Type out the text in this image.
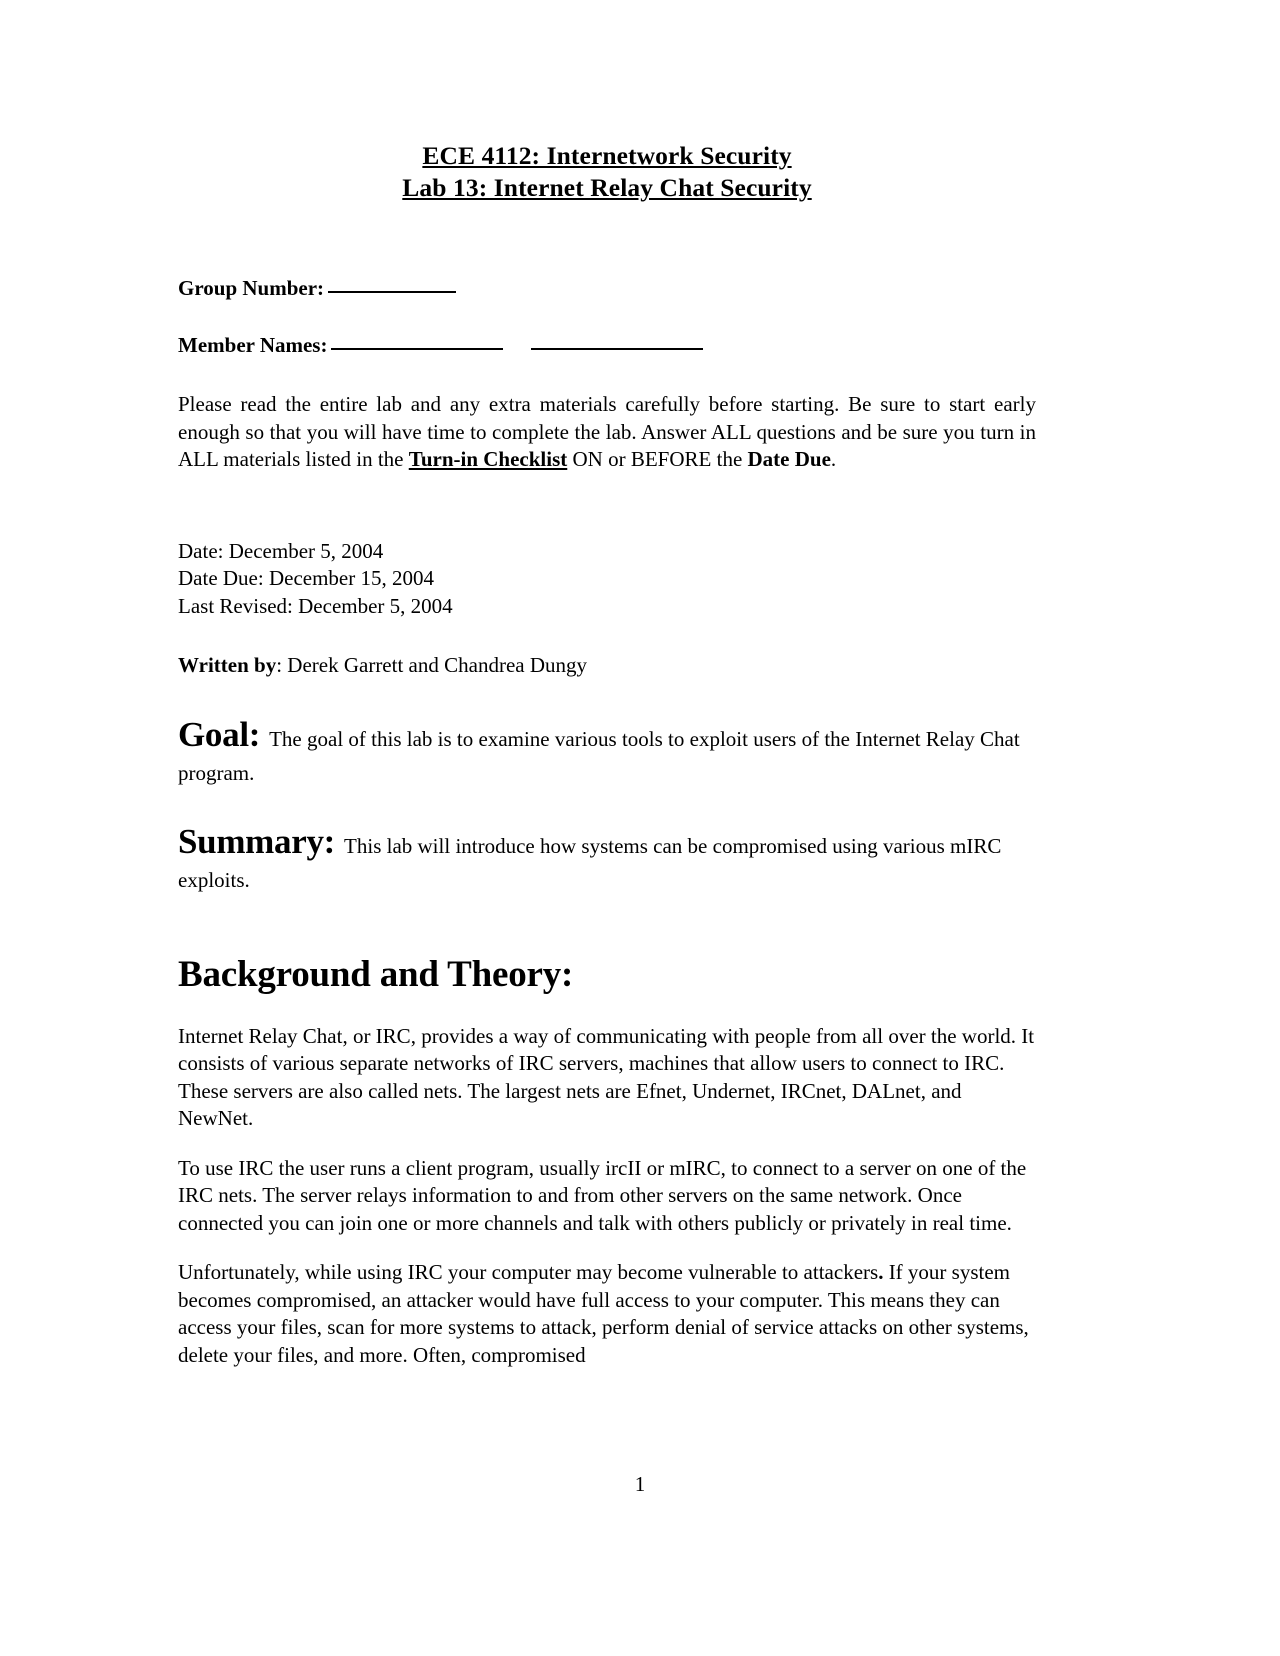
ECE 4112: Internetwork Security
Lab 13: Internet Relay Chat Security
Group Number:
Member Names:

Please read the entire lab and any extra materials carefully before starting. Be sure to start early enough so that you will have time to complete the lab. Answer ALL questions and be sure you turn in ALL materials listed in the Turn-in Checklist ON or BEFORE the Date Due.

Date: December 5, 2004
Date Due: December 15, 2004
Last Revised: December 5, 2004
Written by: Derek Garrett and Chandrea Dungy
Goal: The goal of this lab is to examine various tools to exploit users of the Internet Relay Chat program.
Summary: This lab will introduce how systems can be compromised using various mIRC exploits.
Background and Theory:

Internet Relay Chat, or IRC, provides a way of communicating with people from all over the world. It consists of various separate networks of IRC servers, machines that allow users to connect to IRC. These servers are also called nets. The largest nets are Efnet, Undernet, IRCnet, DALnet, and NewNet.

To use IRC the user runs a client program, usually ircII or mIRC, to connect to a server on one of the IRC nets. The server relays information to and from other servers on the same network. Once connected you can join one or more channels and talk with others publicly or privately in real time.

Unfortunately, while using IRC your computer may become vulnerable to attackers. If your system becomes compromised, an attacker would have full access to your computer. This means they can access your files, scan for more systems to attack, perform denial of service attacks on other systems, delete your files, and more. Often, compromised

1
